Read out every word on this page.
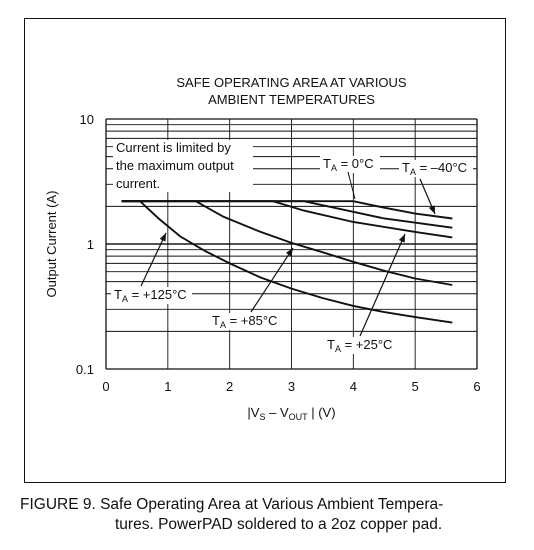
SAFE OPERATING AREA AT VARIOUS
AMBIENT TEMPERATURES
0	1	2	3	4	5	6
10
1
0.1
Output Current (A)
$|V_S - V_{OUT}$ | (V)
Current is limited by
the maximum output
current.
$T_A = 0^\circ C$ $T_A = -40^\circ C$
$T_A = +125^\circ C$
$T_A = +85^\circ C$
$T_A = +25^\circ C$
FIGURE 9. Safe Operating Area at Various Ambient Tempera-
tures. PowerPAD soldered to a 2oz copper pad.
